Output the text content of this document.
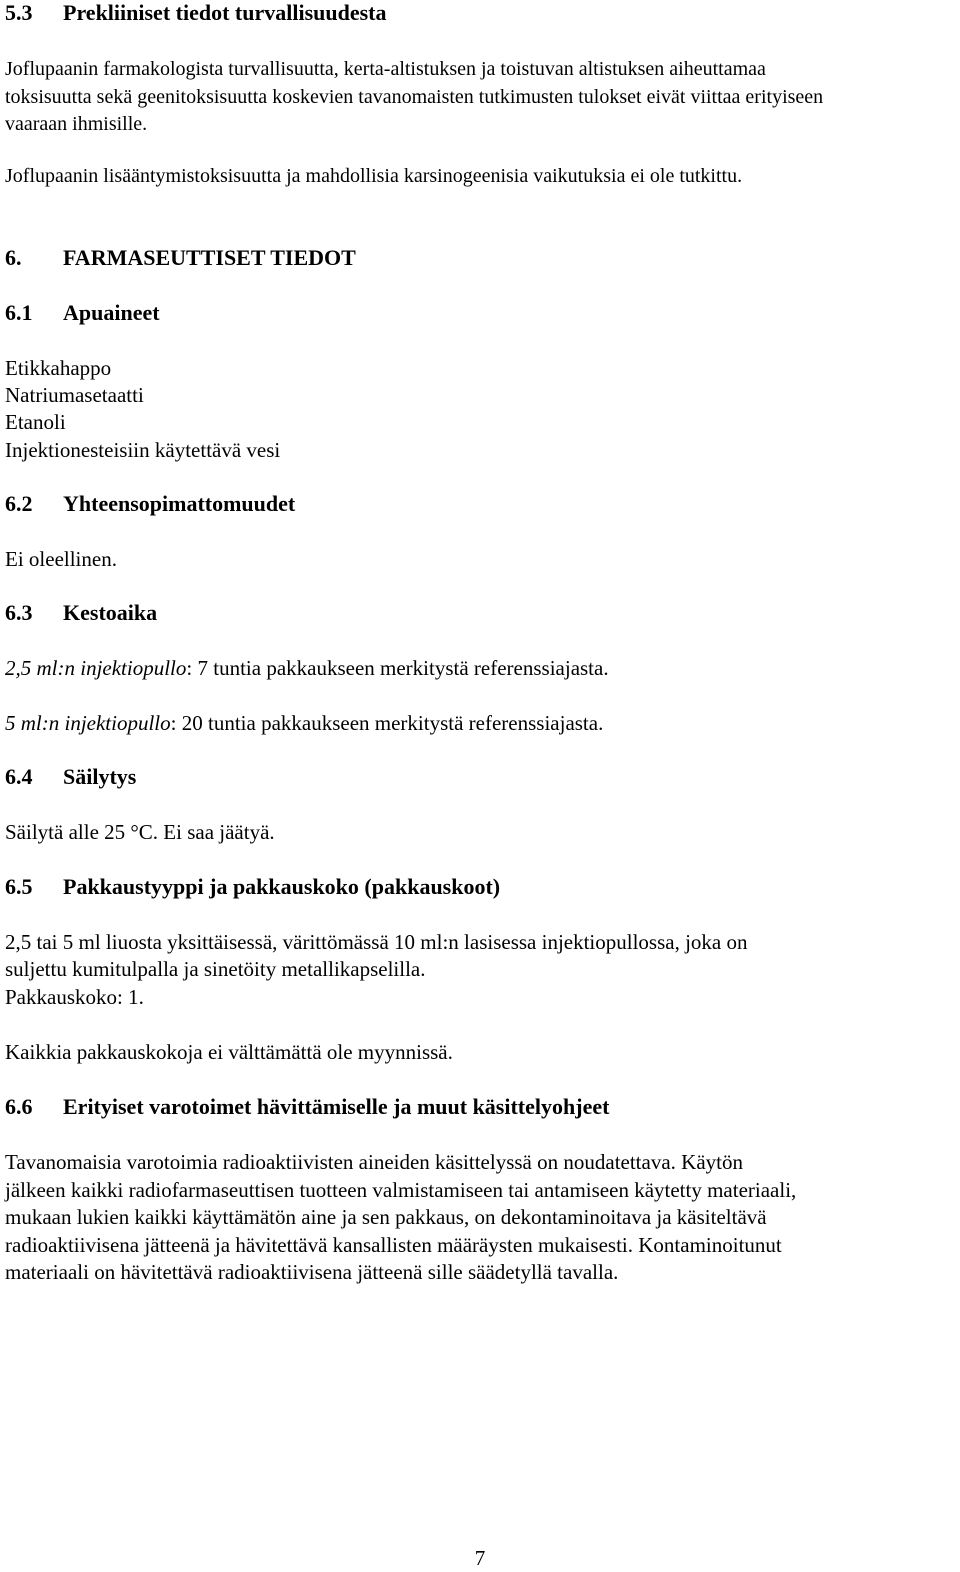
5.3 Prekliiniset tiedot turvallisuudesta
Joflupaanin farmakologista turvallisuutta, kerta-altistuksen ja toistuvan altistuksen aiheuttamaa
toksisuutta sekä geenitoksisuutta koskevien tavanomaisten tutkimusten tulokset eivät viittaa erityiseen
vaaraan ihmisille.
Joflupaanin lisääntymistoksisuutta ja mahdollisia karsinogeenisia vaikutuksia ei ole tutkittu.
6. FARMASEUTTISET TIEDOT
6.1 Apuaineet
Etikkahappo
Natriumasetaatti
Etanoli
Injektionesteisiin käytettävä vesi
6.2 Yhteensopimattomuudet
Ei oleellinen.
6.3 Kestoaika
2,5 ml:n injektiopullo: 7 tuntia pakkaukseen merkitystä referenssiajasta.
5 ml:n injektiopullo: 20 tuntia pakkaukseen merkitystä referenssiajasta.
6.4 Säilytys
Säilytä alle 25 °C. Ei saa jäätyä.
6.5 Pakkaustyyppi ja pakkauskoko (pakkauskoot)
2,5 tai 5 ml liuosta yksittäisessä, värittömässä 10 ml:n lasisessa injektiopullossa, joka on
suljettu kumitulpalla ja sinetöity metallikapselilla.
Pakkauskoko: 1.
Kaikkia pakkauskokoja ei välttämättä ole myynnissä.
6.6 Erityiset varotoimet hävittämiselle ja muut käsittelyohjeet
Tavanomaisia varotoimia radioaktiivisten aineiden käsittelyssä on noudatettava. Käytön
jälkeen kaikki radiofarmaseuttisen tuotteen valmistamiseen tai antamiseen käytetty materiaali,
mukaan lukien kaikki käyttämätön aine ja sen pakkaus, on dekontaminoitava ja käsiteltävä
radioaktiivisena jätteenä ja hävitettävä kansallisten määräysten mukaisesti. Kontaminoitunut
materiaali on hävitettävä radioaktiivisena jätteenä sille säädetyllä tavalla.
7
